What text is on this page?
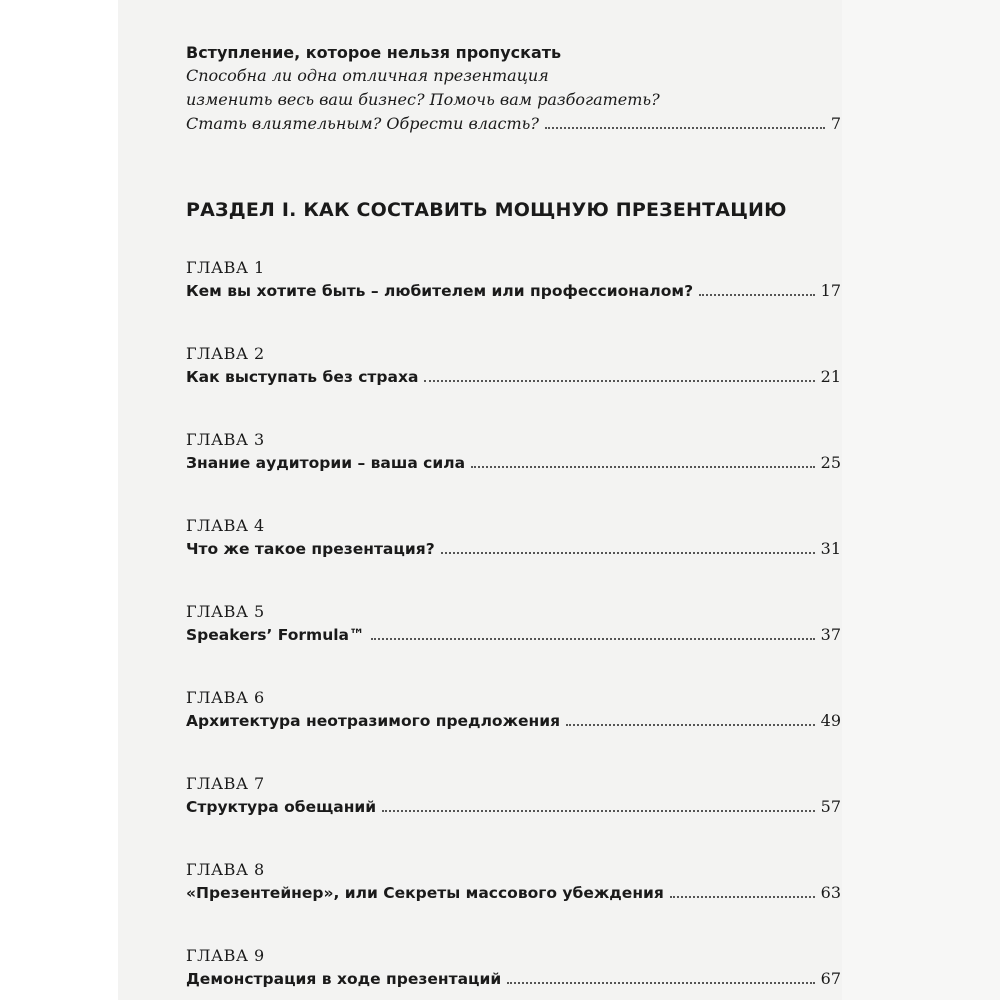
Вступление, которое нельзя пропускать
Способна ли одна отличная презентация
изменить весь ваш бизнес? Помочь вам разбогатеть?
Стать влиятельным? Обрести власть?	7
РАЗДЕЛ I. КАК СОСТАВИТЬ МОЩНУЮ ПРЕЗЕНТАЦИЮ
ГЛАВА 1
Кем вы хотите быть – любителем или профессионалом?	17
ГЛАВА 2
Как выступать без страха	21
ГЛАВА 3
Знание аудитории – ваша сила	25
ГЛАВА 4
Что же такое презентация?	31
ГЛАВА 5
Speakers’ Formula™	37
ГЛАВА 6
Архитектура неотразимого предложения	49
ГЛАВА 7
Структура обещаний	57
ГЛАВА 8
«Презентейнер», или Секреты массового убеждения	63
ГЛАВА 9
Демонстрация в ходе презентаций	67
